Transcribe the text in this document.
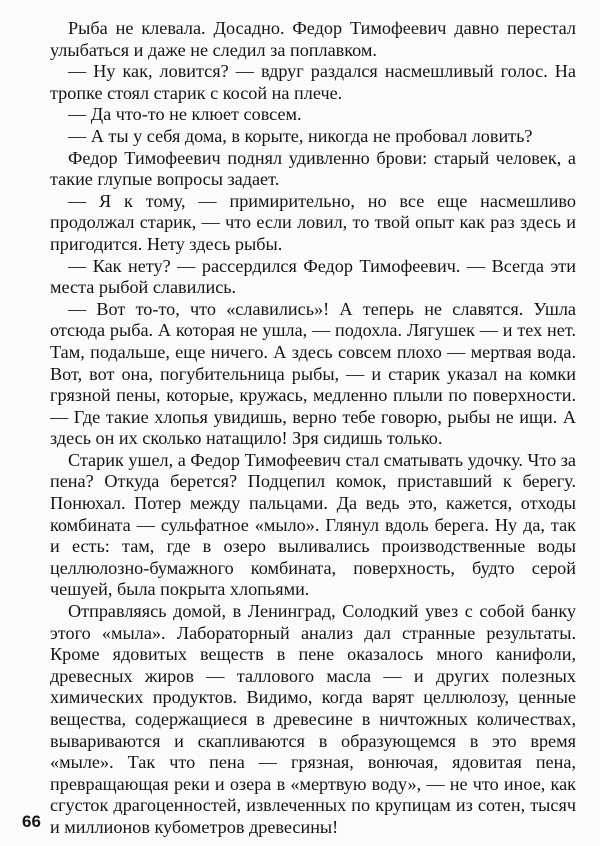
Рыба не клевала. Досадно. Федор Тимофеевич давно перестал улыбаться и даже не следил за поплавком.

— Ну как, ловится? — вдруг раздался насмешливый голос. На тропке стоял старик с косой на плече.

— Да что-то не клюет совсем.

— А ты у себя дома, в корыте, никогда не пробовал ловить?

Федор Тимофеевич поднял удивленно брови: старый человек, а такие глупые вопросы задает.

— Я к тому, — примирительно, но все еще насмешливо продолжал старик, — что если ловил, то твой опыт как раз здесь и пригодится. Нету здесь рыбы.

— Как нету? — рассердился Федор Тимофеевич. — Всегда эти места рыбой славились.

— Вот то-то, что «славились»! А теперь не славятся. Ушла отсюда рыба. А которая не ушла, — подохла. Лягушек — и тех нет. Там, подальше, еще ничего. А здесь совсем плохо — мертвая вода. Вот, вот она, погубительница рыбы, — и старик указал на комки грязной пены, которые, кружась, медленно плыли по поверхности. — Где такие хлопья увидишь, верно тебе говорю, рыбы не ищи. А здесь он их сколько натащило! Зря сидишь только.

Старик ушел, а Федор Тимофеевич стал сматывать удочку. Что за пена? Откуда берется? Подцепил комок, приставший к берегу. Понюхал. Потер между пальцами. Да ведь это, кажется, отходы комбината — сульфатное «мыло». Глянул вдоль берега. Ну да, так и есть: там, где в озеро выливались производственные воды целлюлозно-бумажного комбината, поверхность, будто серой чешуей, была покрыта хлопьями.

Отправляясь домой, в Ленинград, Солодкий увез с собой банку этого «мыла». Лабораторный анализ дал странные результаты. Кроме ядовитых веществ в пене оказалось много канифоли, древесных жиров — таллового масла — и других полезных химических продуктов. Видимо, когда варят целлюлозу, ценные вещества, содержащиеся в древесине в ничтожных количествах, вывариваются и скапливаются в образующемся в это время «мыле». Так что пена — грязная, вонючая, ядовитая пена, превращающая реки и озера в «мертвую воду», — не что иное, как сгусток драгоценностей, извлеченных по крупицам из сотен, тысяч и миллионов кубометров древесины!

66
